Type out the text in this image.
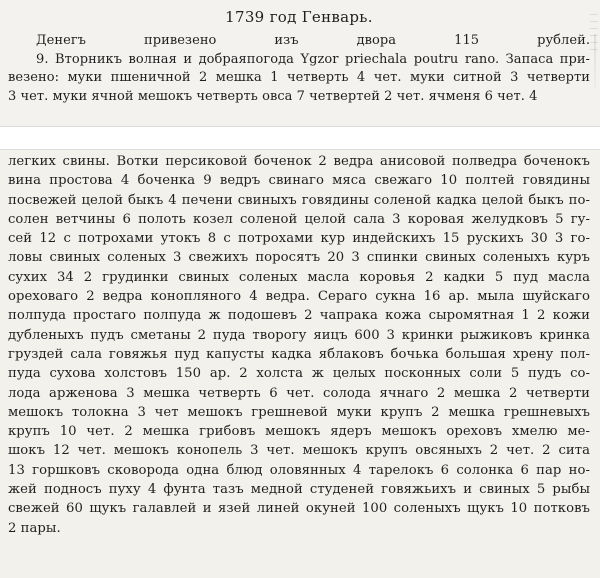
1739 год Генварь.
Денегъ привезено изъ двора 115 рублей.
9. Вторникъ волная и добраяпогода Ygzor priechala poutru rano. Запаса при-
везено: муки пшеничной 2 мешка 1 четверть 4 чет. муки ситной 3 четверти
3 чет. муки ячной мешокъ четверть овса 7 четвертей 2 чет. ячменя 6 чет. 4
легких свины. Вотки персиковой боченок 2 ведра анисовой полведра боченокъ
вина простова 4 боченка 9 ведръ свинаго мяса свежаго 10 полтей говядины
посвежей целой быкъ 4 печени свиныхъ говядины соленой кадка целой быкъ по-
солен ветчины 6 полоть козел соленой целой сала 3 коровая желудковъ 5 гу-
сей 12 с потрохами утокъ 8 с потрохами кур индейскихъ 15 рускихъ 30 3 го-
ловы свиных соленых 3 свежихъ поросятъ 20 3 спинки свиных соленыхъ куръ
сухих 34 2 грудинки свиных соленых масла коровья 2 кадки 5 пуд масла
ореховаго 2 ведра конопляного 4 ведра. Сераго сукна 16 ар. мыла шуйскаго
полпуда простаго полпуда ж подошевъ 2 чапрака кожа сыромятная 1 2 кожи
дубленыхъ пудъ сметаны 2 пуда творогу яицъ 600 3 кринки рыжиковъ кринка
груздей сала говяжья пуд капусты кадка яблаковъ бочька большая хрену пол-
пуда сухова холстовъ 150 ар. 2 холста ж целых посконных соли 5 пудъ со-
лода арженова 3 мешка четверть 6 чет. солода ячнаго 2 мешка 2 четверти
мешокъ толокна 3 чет мешокъ грешневой муки крупъ 2 мешка грешневыхъ
крупъ 10 чет. 2 мешка грибовъ мешокъ ядеръ мешокъ ореховъ хмелю ме-
шокъ 12 чет. мешокъ конопель 3 чет. мешокъ крупъ овсяныхъ 2 чет. 2 сита
13 горшковъ сковорода одна блюд оловянных 4 тарелокъ 6 солонка 6 пар но-
жей подносъ пуху 4 фунта тазъ медной студеней говяжьихъ и свиных 5 рыбы
свежей 60 щукъ галавлей и язей линей окуней 100 соленыхъ щукъ 10 потковъ
2 пары.
